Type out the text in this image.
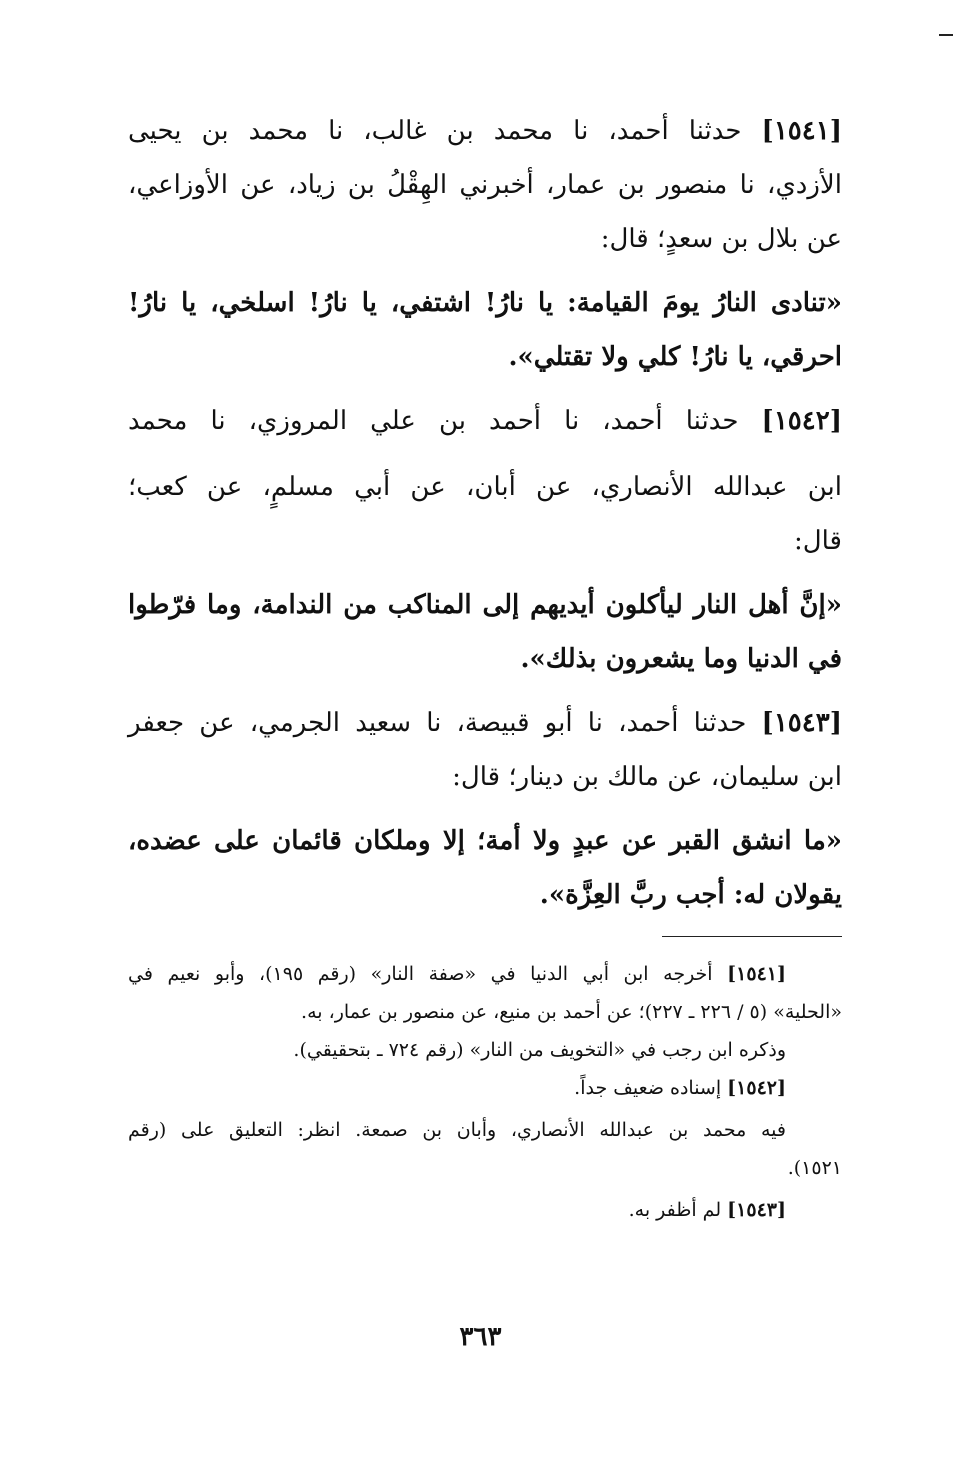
[١٥٤١] حدثنا أحمد، نا محمد بن غالب، نا محمد بن يحيى
الأزدي، نا منصور بن عمار، أخبرني الهِقْلُ بن زياد، عن الأوزاعي،
عن بلال بن سعدٍ؛ قال:
«تنادى النارُ يومَ القيامة: يا نارُ! اشتفي، يا نارُ! اسلخي، يا نارُ!
احرقي، يا نارُ! كلي ولا تقتلي».
[١٥٤٢] حدثنا أحمد، نا أحمد بن علي المروزي، نا محمد
ابن عبدالله الأنصاري، عن أبان، عن أبي مسلمٍ، عن كعب؛
قال:
«إنَّ أهل النار ليأكلون أيديهم إلى المناكب من الندامة، وما فرّطوا
في الدنيا وما يشعرون بذلك».
[١٥٤٣] حدثنا أحمد، نا أبو قبيصة، نا سعيد الجرمي، عن جعفر
ابن سليمان، عن مالك بن دينار؛ قال:
«ما انشق القبر عن عبدٍ ولا أمة؛ إلا وملكان قائمان على عضده،
يقولان له: أجب ربَّ العِزَّة».
[١٥٤١] أخرجه ابن أبي الدنيا في «صفة النار» (رقم ١٩٥)، وأبو نعيم في
«الحلية» (٥ / ٢٢٦ ـ ٢٢٧)؛ عن أحمد بن منيع، عن منصور بن عمار، به.
وذكره ابن رجب في «التخويف من النار» (رقم ٧٢٤ ـ بتحقيقي).
[١٥٤٢] إسناده ضعيف جداً.
فيه محمد بن عبدالله الأنصاري، وأبان بن صمعة. انظر: التعليق على (رقم
١٥٢١).
[١٥٤٣] لم أظفر به.
٣٦٣
